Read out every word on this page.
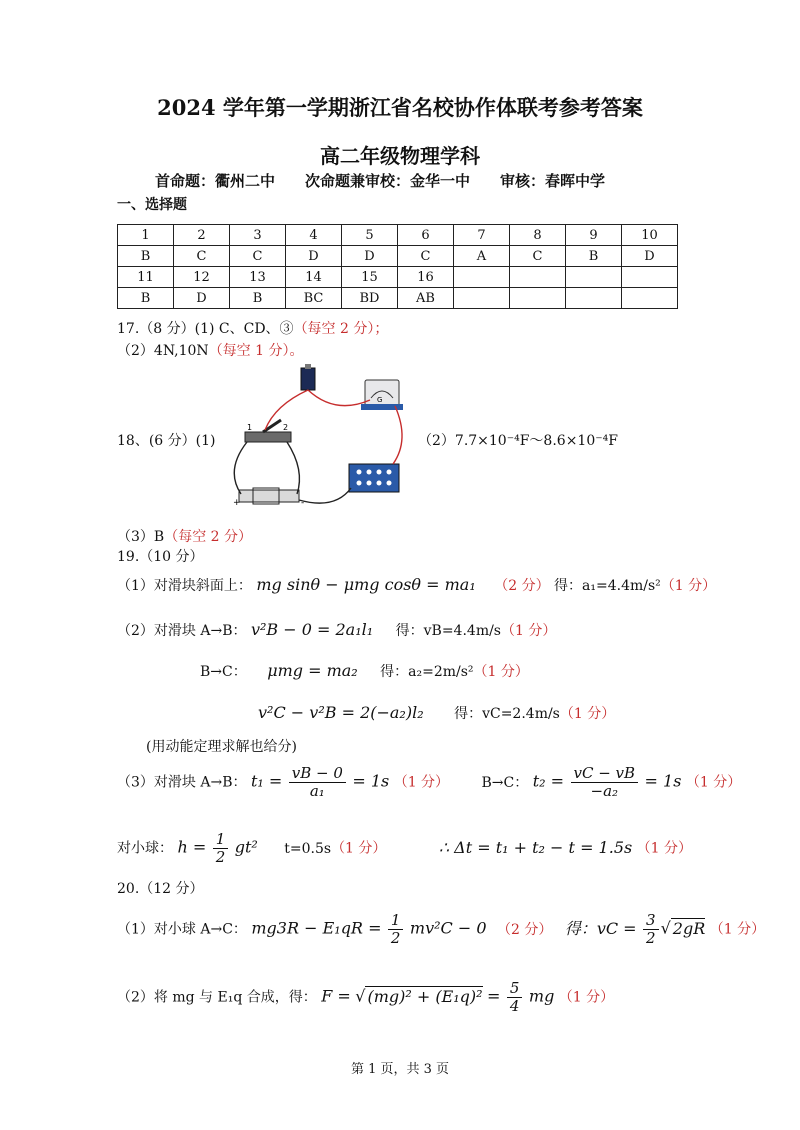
2024 学年第一学期浙江省名校协作体联考参考答案
高二年级物理学科
首命题：衢州二中　　次命题兼审校：金华一中　　审核：春晖中学
一、选择题
1	2	3	4	5	6	7	8	9	10
B	C	C	D	D	C	A	C	B	D
11	12	13	14	15	16				
B	D	B	BC	BD	AB				
17.（8 分）(1) C、CD、③（每空 2 分）；
（2）4N,10N（每空 1 分）。
18、(6 分）(1)
G
1	2
+	-
（2）7.7×10⁻⁴F～8.6×10⁻⁴F
（3）B（每空 2 分）
19.（10 分）
（1）对滑块斜面上： mg sinθ − μmg cosθ = ma₁ （2 分） 得：a₁=4.4m/s²（1 分）
（2）对滑块 A→B： v²B − 0 = 2a₁l₁ 得：vB=4.4m/s（1 分）
B→C： μmg = ma₂ 得：a₂=2m/s²（1 分）
v²C − v²B = 2(−a₂)l₂ 得：vC=2.4m/s（1 分）
(用动能定理求解也给分)
（3）对滑块 A→B： $t_1 = \frac{vB - 0}{\text{a₁}} = 1s$ （1 分） B→C： $t_2 = \frac{vC - vB}{\text{−a₂}} = 1s$ （1 分）
对小球： $h = \frac{1}{2} gt^2$ t=0.5s（1 分）	∴ Δt = t₁ + t₂ − t = 1.5s （1 分）
20.（12 分）
（1）对小球 A→C： $mg3R - E_1qR = \frac{1}{2} mv^2C - 0$ （2 分） 得：vC = $\frac{3}{2}$ √ 2gR （1 分）
（2）将 mg 与 E₁q 合成，得： F = √ $(mg)^2 + (E_1q)^2 = \frac{5}{4}$ mg （1 分）
第 1 页，共 3 页
